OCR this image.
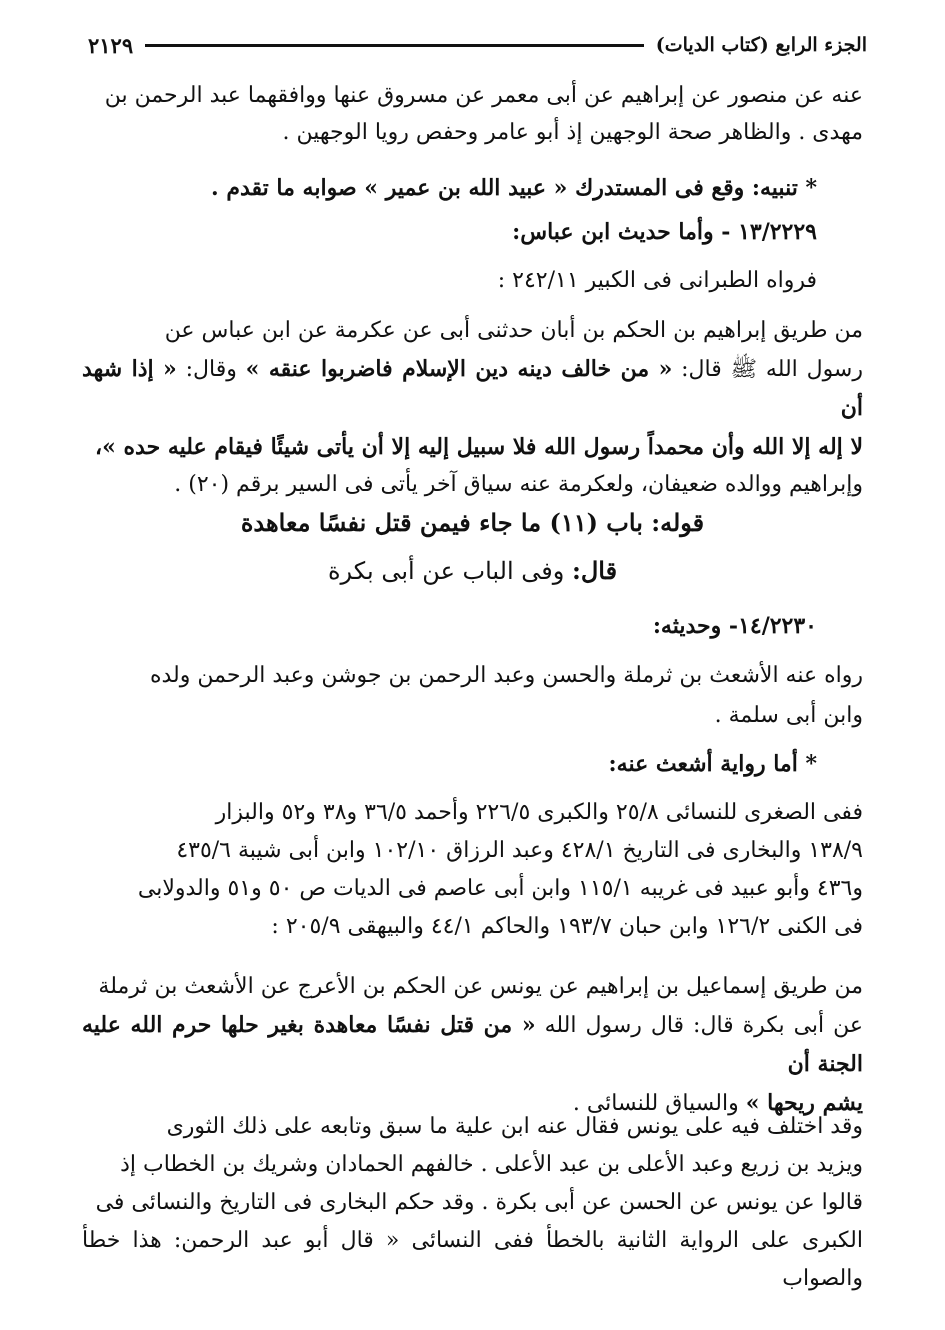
الجزء الرابع (كتاب الديات)
٢١٢٩
عنه عن منصور عن إبراهيم عن أبى معمر عن مسروق عنها ووافقهما عبد الرحمن بن
مهدى . والظاهر صحة الوجهين إذ أبو عامر وحفص رويا الوجهين .
* تنبيه: وقع فى المستدرك « عبيد الله بن عمير » صوابه ما تقدم .
١٣/٢٢٢٩ - وأما حديث ابن عباس:
فرواه الطبرانى فى الكبير ٢٤٢/١١ :
من طريق إبراهيم بن الحكم بن أبان حدثنى أبى عن عكرمة عن ابن عباس عن
رسول الله ﷺ قال: « من خالف دينه دين الإسلام فاضربوا عنقه » وقال: « إذا شهد أن
لا إله إلا الله وأن محمداً رسول الله فلا سبيل إليه إلا أن يأتى شيئًا فيقام عليه حده »،
وإبراهيم ووالده ضعيفان، ولعكرمة عنه سياق آخر يأتى فى السير برقم (٢٠) .
قوله: باب (١١) ما جاء فيمن قتل نفسًا معاهدة
قال: وفى الباب عن أبى بكرة
١٤/٢٢٣٠- وحديثه:
رواه عنه الأشعث بن ثرملة والحسن وعبد الرحمن بن جوشن وعبد الرحمن ولده
وابن أبى سلمة .
* أما رواية أشعث عنه:
ففى الصغرى للنسائى ٢٥/٨ والكبرى ٢٢٦/٥ وأحمد ٣٦/٥ و٣٨ و٥٢ والبزار
١٣٨/٩ والبخارى فى التاريخ ٤٢٨/١ وعبد الرزاق ١٠٢/١٠ وابن أبى شيبة ٤٣٥/٦
و٤٣٦ وأبو عبيد فى غريبه ١١٥/١ وابن أبى عاصم فى الديات ص ٥٠ و٥١ والدولابى
فى الكنى ١٢٦/٢ وابن حبان ١٩٣/٧ والحاكم ٤٤/١ والبيهقى ٢٠٥/٩ :
من طريق إسماعيل بن إبراهيم عن يونس عن الحكم بن الأعرج عن الأشعث بن ثرملة
عن أبى بكرة قال: قال رسول الله « من قتل نفسًا معاهدة بغير حلها حرم الله عليه الجنة أن
يشم ريحها » والسياق للنسائى .
وقد اختلف فيه على يونس فقال عنه ابن علية ما سبق وتابعه على ذلك الثورى
ويزيد بن زريع وعبد الأعلى بن عبد الأعلى . خالفهم الحمادان وشريك بن الخطاب إذ
قالوا عن يونس عن الحسن عن أبى بكرة . وقد حكم البخارى فى التاريخ والنسائى فى
الكبرى على الرواية الثانية بالخطأ ففى النسائى « قال أبو عبد الرحمن: هذا خطأ والصواب
